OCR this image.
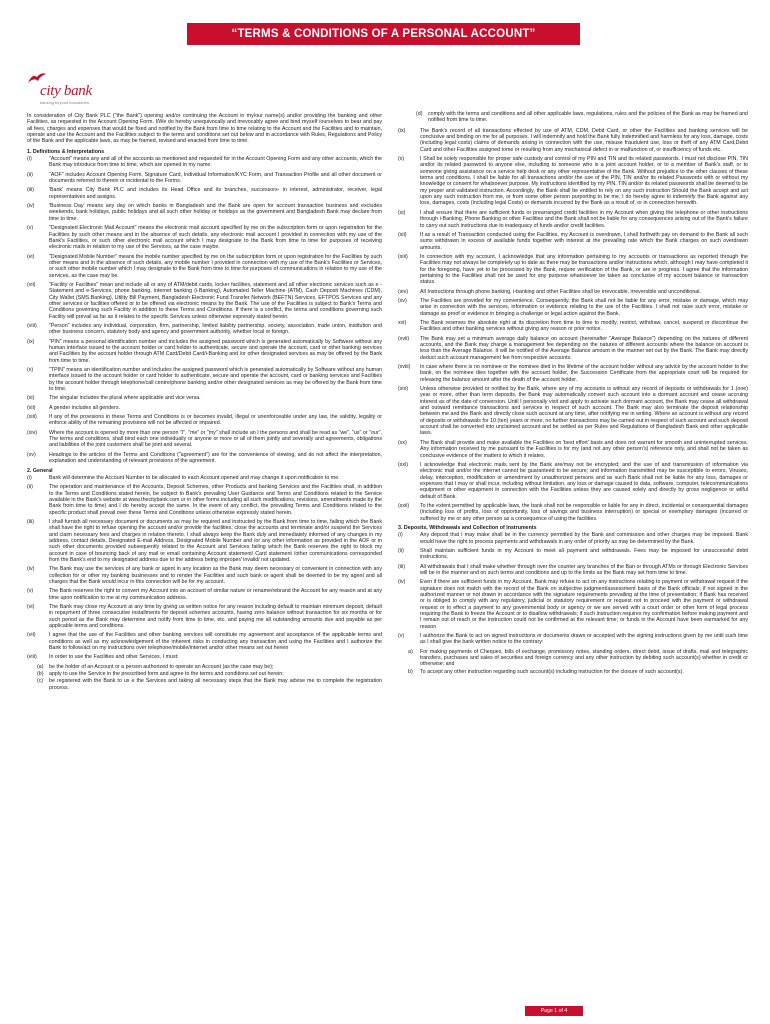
“TERMS & CONDITIONS OF A PERSONAL ACCOUNT”
city bank
banking beyond boundaries

In consideration of City Bank PLC ("the Bank") opening and/or continuing the Account in my/our name(s) and/or providing the banking and other Facilities, as requested in the Account Opening Form, I/We do hereby unequivocally and irrevocably agree and bind myself /ourselves to bear and pay all fees, charges and expenses that would be fixed and notified by the Bank from time to time relating to the Account and the Facilities and to maintain, operate and use the Account and the Facilities subject to the terms and conditions set out below and in accordance with Rules, Regulations and Policy of the Bank and the applicable laws, as may be framed, revised and enacted from time to time.

1. Definitions & Interpretations
(i)	"Account" means any and all of the accounts as mentioned and requested for in the Account Opening Form and any other accounts, which the Bank may introduce from time to time, which are opened in my name.
(ii)	"AOF" includes Account Opening Form, Signature Card, Individual Information/KYC Form, and Transaction Profile and all other document or documents referred to therein or incidental to the Forms.
(iii)	'Bank' means City Bank PLC and includes its Head Office and its branches, successors- in interest, administrator, receiver, legal representatives and assigns.
(iv)	'Business Day' means any day on which banks in Bangladesh and the Bank are open for account transaction business and excludes weekends, bank holidays, public holidays and all such other holiday or holidays as the government and Bangladesh Bank may declare from time to time.
(v)	"Designated Electronic Mail Account" means the electronic mail account specified by me on the subscription form or upon registration for the Facilities by such other means and in the absence of such details, any electronic mail account I provided in connection with my use of the Bank's Facilities, or such other electronic mail account which I may designate to the Bank from time to time for purposes of receiving electronic mails in relation to my use of the Services, as the case maybe.
(vi)	"Designated Mobile Number" means the mobile number specified by me on the subscription form or upon registration for the Facilities by such other means and in the absence of such details, any mobile number I provided in connection with my use of the Bank's Facilities or Services, or such other mobile number which I may designate to the Bank from time to time for purposes of communications in relation to my use of the services, as the case may be.
(vii)	"Facility or Facilities" mean and include all or any of ATM/debit cards, locker facilities, statement and all other electronic services such as e -Statement and e-Services, phone banking, internet banking (i-Banking), Automated Teller Machine (ATM), Cash Deposit Machines (CDM), City Wallet (SMS Banking), Utility Bill Payment, Bangladesh Electronic Fund Transfer Network (BEFTN) Services, EFTPOS Services and any other services or facilities offered or to be offered via electronic means by the Bank. The use of the Facilities is subject to Bank's Terms and Conditions governing such Facility in addition to these Terms and Conditions. If there is a conflict, the terms and conditions governing such Facility will prevail as far as it relates to the specific Services unless otherwise expressly stated herein.
(viii)	"Person" includes any individual, corporation, firm, partnership, limited liability partnership, society, association, trade union, institution and other business concern, statutory body and agency and government authority, whether local or foreign.
(ix)	"PIN" means a personal identification number and includes the assigned password which is generated automatically by Software without any human interface issued to the account holder or card holder to authenticate, secure and operate the account, card or other banking services and Facilities by the account holder through ATM Card/Debit Card/i-Banking and /or other designated services as may be offered by the Bank from time to time.
(x)	"TPIN" means an identification number and includes the assigned password which is generated automatically by Software without any human interface issued to the account holder or card holder to authenticate, secure and operate the account, card or banking services and Facilities by the account holder through telephone/call centre/phone banking and/or other designated services as may be offered by the Bank from time to time.
(xi)	The singular includes the plural where applicable and vice versa.
(xii)	A gender includes all genders.
(xiii)	If any of the provisions in these Terms and Conditions is or becomes invalid, illegal or unenforceable under any law, the validity, legality or enforce ability of the remaining provisions will not be affected or impaired.
(xiv)	Where the account is opened by more than one person "I", "me" or "my" shall include an I the persons and shall be read as "we", "us" or "our". The terms and conditions, shall bind each one individually or anyone or more or all of them jointly and severally and agreements, obligations and liabilities of the joint customers shall be joint and several.
(xv)	Headings to the articles of the Terms and Conditions ("agreement") are for the convenience of viewing, and do not affect the interpretation, explanation and understanding of relevant provisions of the agreement.
2. General
(i)	Bank will determine the Account Number to be allocated to each Account opened and may change it upon notification to me.
(ii)	The operation and maintenance of the Accounts, Deposit Schemes, other Products and banking Services and the Facilities shall, in addition to the Terms and Conditions stated herein, be subject to Bank's prevailing User Guidance and Terms and Conditions related to the Service available in the Bank's website at www.thecitybank.com or in other forms including all such modifications, revisions, amendments made by the Bank from time to time) and I do hereby accept the same. In the event of any conflict, the prevailing Terms and Conditions related to the specific product shall prevail over these Terms and Conditions unless otherwise expressly stated herein.
(iii)	I shall furnish all necessary document or documents as may be required and instructed by the Bank from time to time, failing which the Bank shall have the right to refuse opening the account and/or provide the facilities, close the accounts and terminate and/or suspend the Services and claim necessary fees and charges in relation thereto. I shall always keep the Bank duly and immediately informed of any changes in my address, contact details, Designated E-mail Address, Designated Mobile Number and /or any other information as provided in the AOF or in such other documents provided subsequently related to the Account and Services failing which the Bank reserves the right to block my account in case of bouncing back of any mail or email containing Account statement/ Card statement /other communications corresponded from the Bank's end to my designated address due to the address being improper/ invalid/ not updated.
(iv)	The Bank may use the services of any bank or agent in any location as the Bank may deem necessary or convenient in connection with any collection for or other my banking businesses and to render the Facilities and such bank or agent shall be deemed to be my agent and all charges that the Bank would incur in this connection will be for my account.
(v)	The Bank reserves the right to convert my Account into an account of similar nature or rename/rebrand the Account for any reason and at any time upon notification to me at my communication address.
(vi)	The Bank may close my Account at any time by giving us written notice for any reason including default to maintain minimum deposit, default in repayment of three consecutive installments for deposit schemes accounts, having zero balance without transaction for six months or for such period as the Bank may determine and notify from time to time, etc. and paying me all outstanding amounts due and payable as per applicable terms and conditions.
(vii)	I agree that the use of the Facilities and other banking services will constitute my agreement and acceptance of the applicable terms and conditions as well as my acknowledgement of the inherent risks in conducting any transaction and using the Facilities and I authorize the Bank to follow/act on my instructions over telephone/mobile/internet and/or other means set out herein
(viii)	In order to use the Facilities and other Services, I must:
(a)	be the holder of an Account or a person authorized to operate an Account (as the case may be);
(b)	apply to use the Service in the prescribed form and agree to the terms and conditions set out herein;
(c)	be registered with the Bank to us e the Services and taking all necessary steps that the Bank may advise me to complete the registration process.
(d)	comply with the terms and conditions and all other applicable laws, regulations, rules and the policies of the Bank as may be framed and notified from time to time.
(ix)	The Bank's record of all transactions effected by use of ATM, CDM, Debit Card, or other the Facilities and banking services will be conclusive and binding on me for all purposes. I will indemnify and hold the Bank fully indemnified and harmless for any loss, damage, costs (including legal costs) claims of demands arising in connection with the use, misuse fraudulent use, loss or theft of any ATM Card,Debit Card and other Facilities assigned tome or resulting from any mechanical defect in or malfunction of, or insufficiency of funds etc.
(x)	I Shall be solely responsible for proper safe custody and control of my PIN and TIN and its related passwords. I must not disclose PIN, TIN and/or its related password to anyone else, including to someone who is a joint account holder, or to a member of Bank's staff, or to someone giving assistance on a service help desk or any other representative of the Bank. Without prejudice to the other clauses of these terms and conditions, I shall be liable for all transactions and/or the use of the PIN, TIN and/or its related Passwords with or without my knowledge or consent for whatsoever purpose. My instructions identified by my PIN, TIN and/or its related passwords shall be deemed to be my proper and validated instruction. Accordingly, the Bank shall be entitled to rely on any such instruction Should the Bank accept and act upon any such instruction from me, or from some other person purporting to be me, I do hereby agree to indemnify the Bank against any loss, damages, costs (including legal Costs) or demands incurred by the Bank as a result of, or in connection herewith.
(xi)	I shall ensure that there are sufficient funds or prearranged credit facilities in my Account when giving the telephone or other instructions through i-Banking, Phone Banking or other Facilities and the Bank shall not be liable for any consequences arising out of the Bank's failure to carry out such instructions due to inadequacy of funds and/or credit facilities.
(xii)	If as a result of Transaction conducted using the Facilities, my Account is overdrawn, I shall forthwith pay on demand to the Bank all such sums withdrawn in excess of available funds together with interest at the prevailing rate which the Bank charges on such overdrawn amounts.
(xiii)	In connection with my account, I acknowledge that any information pertaining to my accounts or transactions as reported through the Facilities may not always be completely up to date as there may be transactions and/or instructions which, although I may have completed it for the foregoing, have yet to be processed by the Bank, require verification of the Bank, or are in progress. I agree that the information pertaining to the Facilities shall not be used for any purpose whatsoever be taken as conclusive of my account balance or transaction status.
(xiv)	All Instructions through phone banking, i-banking and other Facilities shall be irrevocable, irreversible and unconditional.
(xv)	The Facilities are provided for my convenience. Consequently, the Bank shall not be liable for any error, mistake or damage, which may arise in connection with the services, information or evidence relating to the use of the Facilities. I shall not raise such error, mistake or damage as proof or evidence in bringing a challenge or legal action against the Bank.
xvi)	The Bank reserves the absolute right at its discretion from time to time to modify, restrict, withdraw, cancel, suspend or discontinue the Facilities and other banking services without giving any reason or prior notice.
(xvii)	The Bank may set a minimum average daily balance on account (hereinafter "Average Balance") depending on the natures of different accounts, and the Bank may charge a management fee depending on the natures of different accounts where the balance on account is less than the Average Balance. It will be notified of the Average Balance amount in the manner set out by the Bank. The Bank may directly deduct such account management fee from respective accounts.
(xviii)	In case where there is no nominee or the nominee died in the lifetime of the account holder without any advice by the account holder to the bank, on the nominee dies together with the account holder, the Succession Certificate from the appropriate court will be required for releasing the balance amount after the death of the account holder.
(xix)	Unless otherwise provided or notified by the Bank, where any of my accounts is without any record of deposits or withdrawals for 1 (one) year or more, other than term deposits, the Bank may automatically convert such account into a dormant account and cease accruing interest as of the date of conversion. Until I personally visit and apply to activate such dormant account, the Bank may cease all withdrawal and outward remittance transactions and services in respect of such account. The Bank may also terminate the deposit relationship between me and the Bank and directly close such account at any time, after notifying me in writing. Where an account is without any record of deposits or withdrawals for 10 (ten) years or more, no further transactions may be carried out in respect of such account and such deposit account shall be converted into unclaimed account and be settled as per Rules and Regulations of Bangladesh Bank and other applicable laws.
(xx)	The Bank shall provide and make available the Facilities on 'best effort' basis and does not warrant for smooth and uninterrupted services. Any information received by me pursuant to the Facilities is for my (and not any other person's) reference only, and shall not be taken as conclusive evidence of the matters to which it relates.
(xxi)	I acknowledge that electronic mails sent by the Bank are/may not be encrypted; and the use of and transmission of information via electronic mail and/or the internet cannot be guaranteed to be secure; and information transmitted may be susceptible to errors, Viruses, delay, interception, modification or amendment by unauthorized persons and as such Bank shall not be liable for any loss, damages or expenses that I may or shall incur, including without limitation, any loss or damage caused to data, software, computer, telecommunications equipment or other equipment in connection with the Facilities unless they are caused solely and directly by gross negligence or wilful default of Bank.
(xxii)	To the extent permitted by applicable laws, the bank shall not be responsible or liable for any in direct, incidental or consequential damages (including loss of profits, loss of opportunity, loss of savings and business interruption) or special or exemplary damages (incurred or suffered by me or any other person as a consequence of using the facilities.
3. Deposits, Withdrawals and Collection of Instruments
(i)	Any deposit that I may make shall be in the currency permitted by the Bank and commission and other charges may be imposed. Bank would have the right to process payments and withdrawals in any order of priority as may be determined by the Bank.
(ii)	Shall maintain sufficient funds in my Account to meet all payment and withdrawals. Fees may be imposed for unsuccessful debit instructions.
(iii)	All withdrawals that I shall make whether through over the counter any branches of the Ban or through ATMs or through Electronic Services will be in the manner and on such terms and conditions and up to the limits as the Bank may set from time to time.
(iv)	Even if there are sufficient funds in my Account, Bank may refuse to act on any instructions relating to payment or withdrawal request if the signature does not match with the record of the Bank on subjective judgment/assessment basis of the Bank officials; if not signed in the authorized manner or not drawn in accordance with the signature requirements prevailing at the time of presentation; if Bank has received or is obliged to comply with any regulatory, judicial or statutory requirement or request not to proceed with the payment or withdrawal request or to effect a payment to any governmental body or agency or we are served with a court order or other form of legal process requiring the Bank to freeze the Account or to disallow withdrawals; if such instruction requires my confirmation before making payment and I remain out of reach or the instruction could not be confirmed at the relevant time; or funds in the Account have been earmarked for any reason
(v)	I authorize the Bank to act on signed instructions or documents drawn or accepted with the signing instructions given by me until such time as I shall give the bank written notice to the contrary:
a)	For making payments of Cheques, bills of exchange, promissory notes, standing orders, direct debit, issue of drafts, mail and telegraphic transfers, purchases and sales of securities and foreign currency and any other instruction by debiting such account(s) whether in credit or otherwise; and
b)	To accept any other instruction regarding such account(s) including instruction for the closure of such account(s).
Page 1 of 4
